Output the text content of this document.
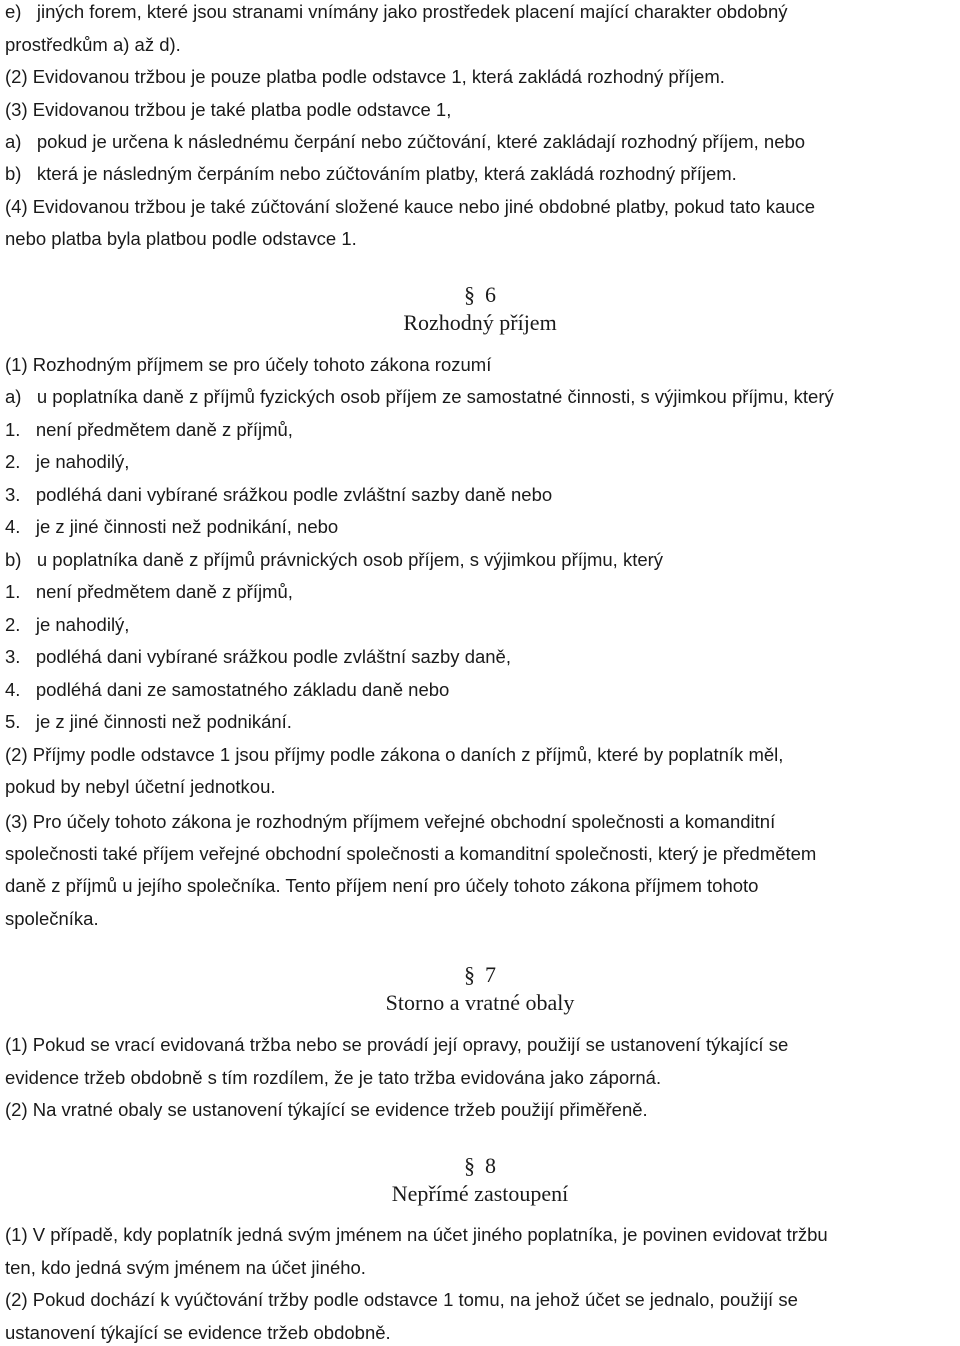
e)   jiných forem, které jsou stranami vnímány jako prostředek placení mající charakter obdobný
prostředkům a) až d).
(2) Evidovanou tržbou je pouze platba podle odstavce 1, která zakládá rozhodný příjem.
(3) Evidovanou tržbou je také platba podle odstavce 1,
a)   pokud je určena k následnému čerpání nebo zúčtování, které zakládají rozhodný příjem, nebo
b)   která je následným čerpáním nebo zúčtováním platby, která zakládá rozhodný příjem.
(4) Evidovanou tržbou je také zúčtování složené kauce nebo jiné obdobné platby, pokud tato kauce
nebo platba byla platbou podle odstavce 1.
§ 6
Rozhodný příjem
(1) Rozhodným příjmem se pro účely tohoto zákona rozumí
a)   u poplatníka daně z příjmů fyzických osob příjem ze samostatné činnosti, s výjimkou příjmu, který
1.   není předmětem daně z příjmů,
2.   je nahodilý,
3.   podléhá dani vybírané srážkou podle zvláštní sazby daně nebo
4.   je z jiné činnosti než podnikání, nebo
b)   u poplatníka daně z příjmů právnických osob příjem, s výjimkou příjmu, který
1.   není předmětem daně z příjmů,
2.   je nahodilý,
3.   podléhá dani vybírané srážkou podle zvláštní sazby daně,
4.   podléhá dani ze samostatného základu daně nebo
5.   je z jiné činnosti než podnikání.
(2) Příjmy podle odstavce 1 jsou příjmy podle zákona o daních z příjmů, které by poplatník měl,
pokud by nebyl účetní jednotkou.
(3) Pro účely tohoto zákona je rozhodným příjmem veřejné obchodní společnosti a komanditní
společnosti také příjem veřejné obchodní společnosti a komanditní společnosti, který je předmětem
daně z příjmů u jejího společníka. Tento příjem není pro účely tohoto zákona příjmem tohoto
společníka.
§ 7
Storno a vratné obaly
(1) Pokud se vrací evidovaná tržba nebo se provádí její opravy, použijí se ustanovení týkající se
evidence tržeb obdobně s tím rozdílem, že je tato tržba evidována jako záporná.
(2) Na vratné obaly se ustanovení týkající se evidence tržeb použijí přiměřeně.
§ 8
Nepřímé zastoupení
(1) V případě, kdy poplatník jedná svým jménem na účet jiného poplatníka, je povinen evidovat tržbu
ten, kdo jedná svým jménem na účet jiného.
(2) Pokud dochází k vyúčtování tržby podle odstavce 1 tomu, na jehož účet se jednalo, použijí se
ustanovení týkající se evidence tržeb obdobně.
